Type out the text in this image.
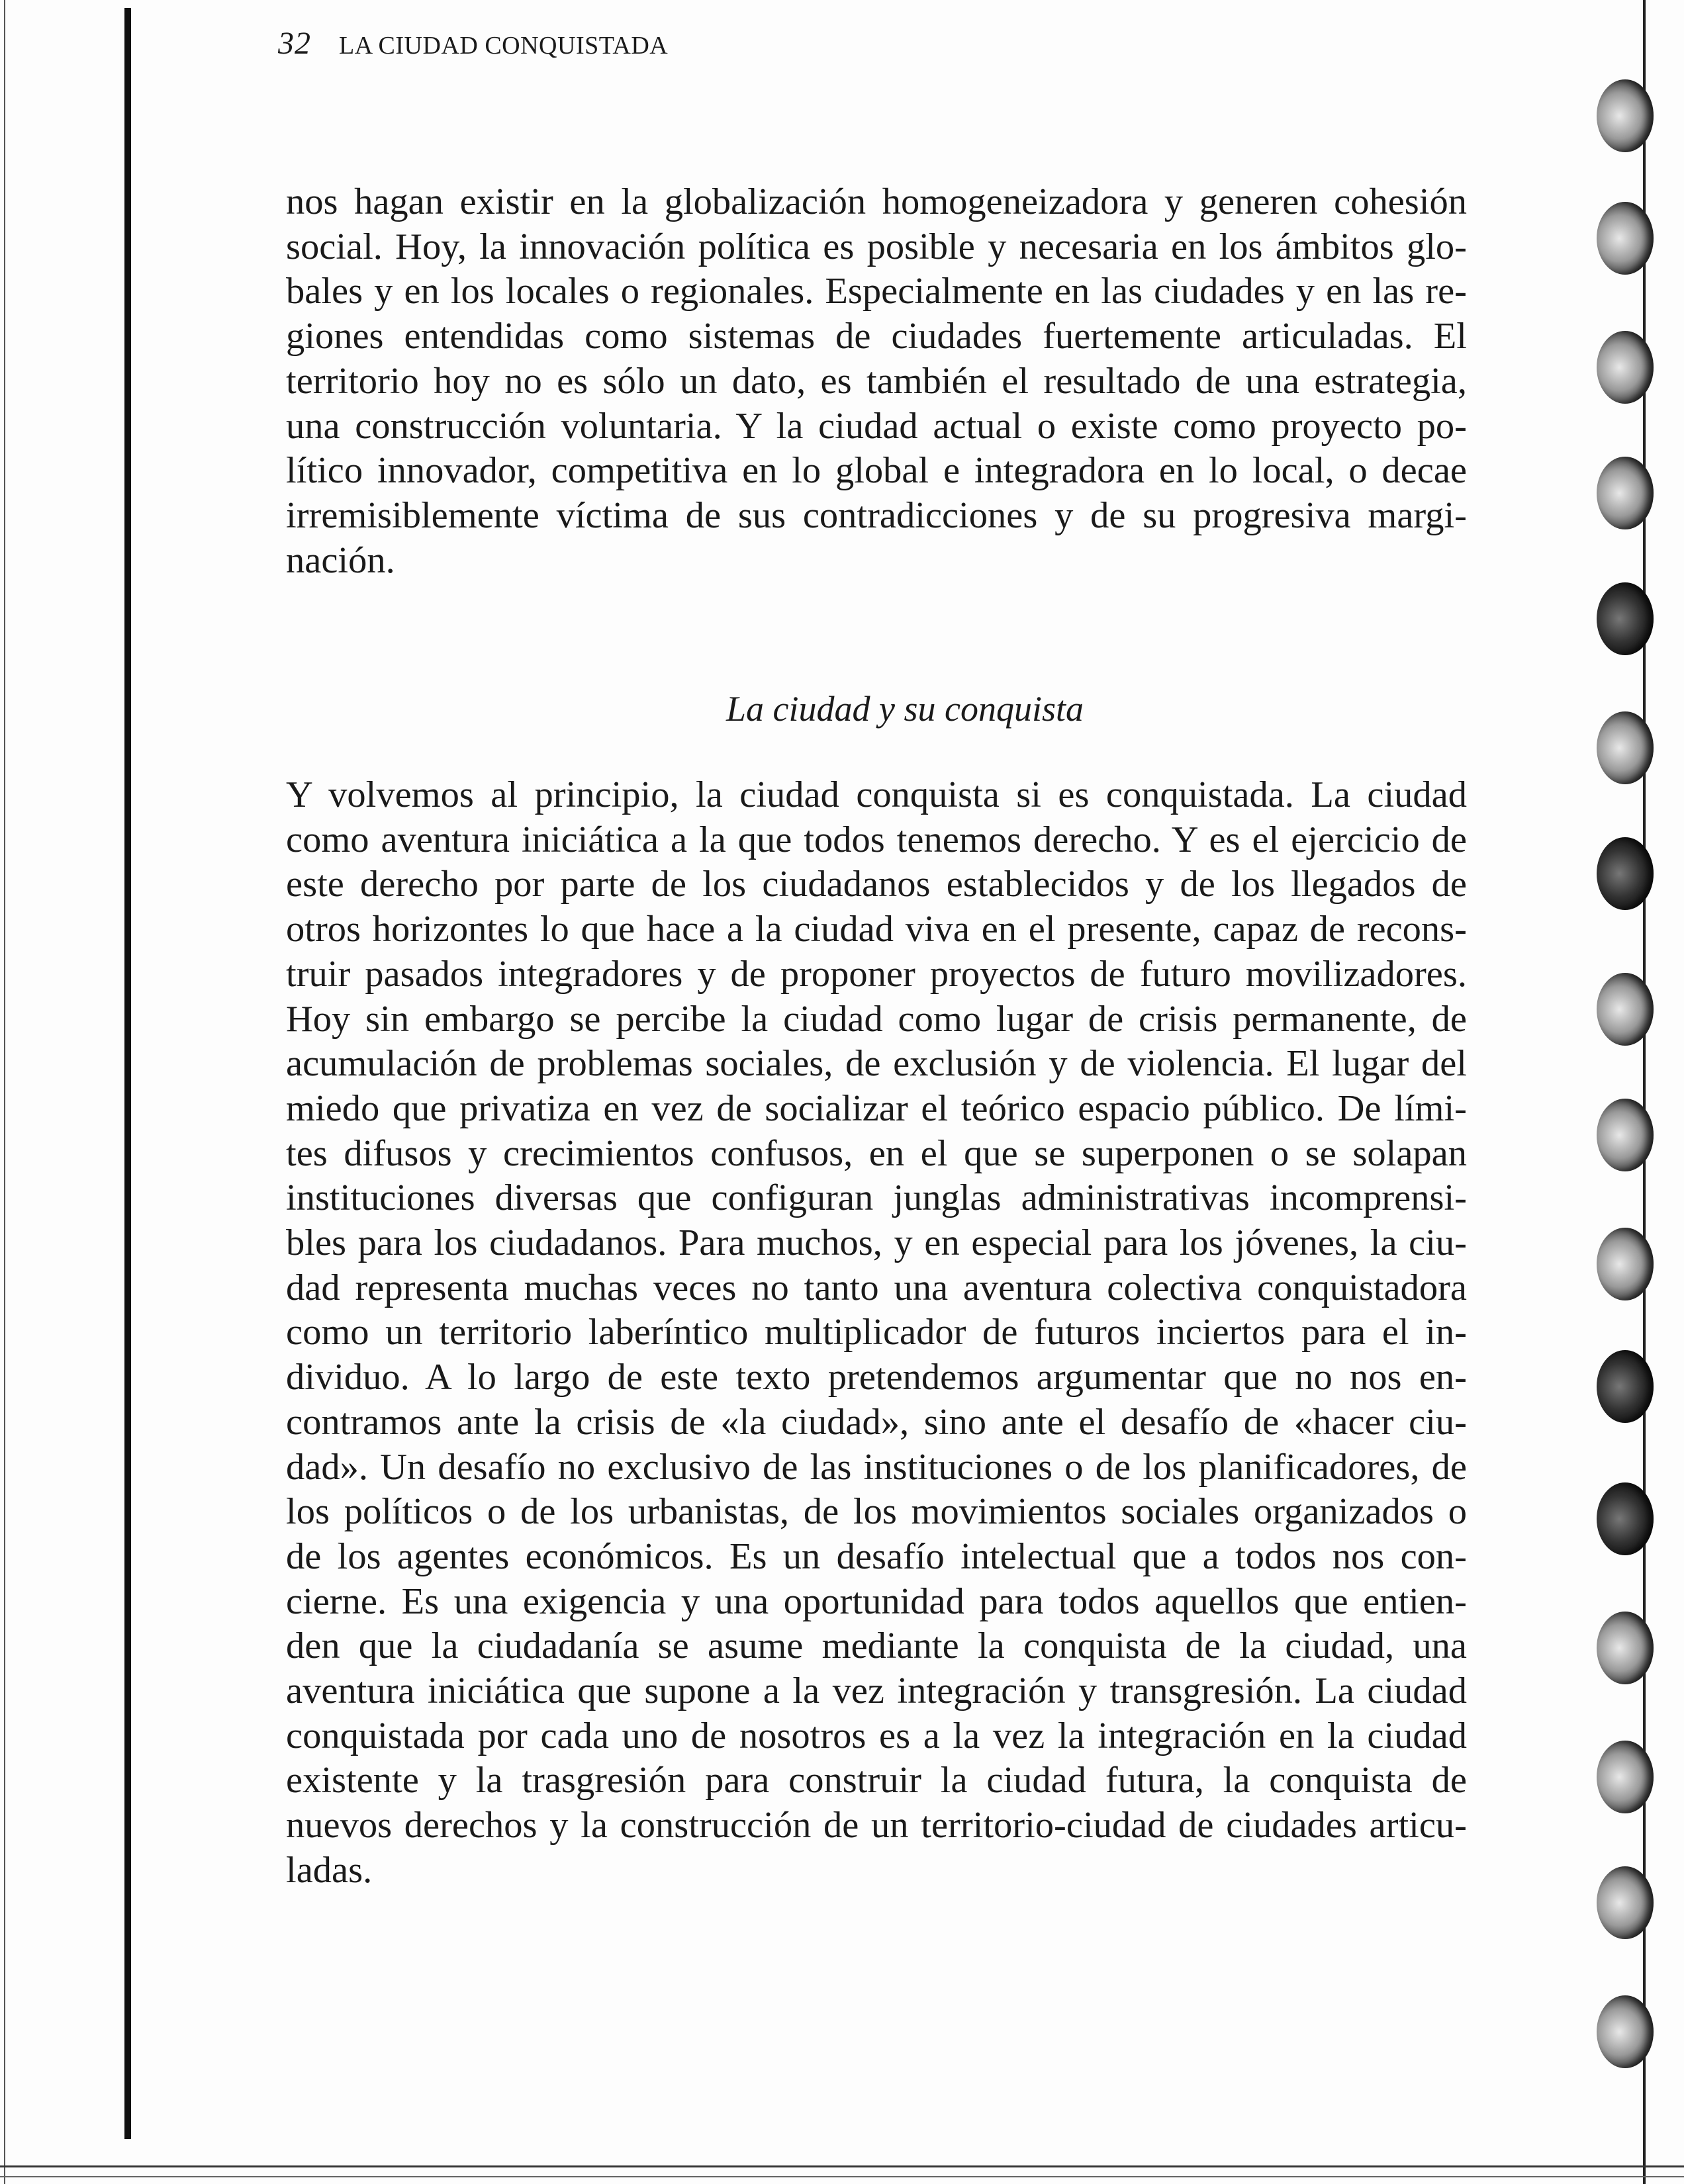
32 LA CIUDAD CONQUISTADA
nos hagan existir en la globalización homogeneizadora y generen cohesión
social. Hoy, la innovación política es posible y necesaria en los ámbitos glo-
bales y en los locales o regionales. Especialmente en las ciudades y en las re-
giones entendidas como sistemas de ciudades fuertemente articuladas. El
territorio hoy no es sólo un dato, es también el resultado de una estrategia,
una construcción voluntaria. Y la ciudad actual o existe como proyecto po-
lítico innovador, competitiva en lo global e integradora en lo local, o decae
irremisiblemente víctima de sus contradicciones y de su progresiva margi-
nación.
La ciudad y su conquista
Y volvemos al principio, la ciudad conquista si es conquistada. La ciudad
como aventura iniciática a la que todos tenemos derecho. Y es el ejercicio de
este derecho por parte de los ciudadanos establecidos y de los llegados de
otros horizontes lo que hace a la ciudad viva en el presente, capaz de recons-
truir pasados integradores y de proponer proyectos de futuro movilizadores.
Hoy sin embargo se percibe la ciudad como lugar de crisis permanente, de
acumulación de problemas sociales, de exclusión y de violencia. El lugar del
miedo que privatiza en vez de socializar el teórico espacio público. De lími-
tes difusos y crecimientos confusos, en el que se superponen o se solapan
instituciones diversas que configuran junglas administrativas incomprensi-
bles para los ciudadanos. Para muchos, y en especial para los jóvenes, la ciu-
dad representa muchas veces no tanto una aventura colectiva conquistadora
como un territorio laberíntico multiplicador de futuros inciertos para el in-
dividuo. A lo largo de este texto pretendemos argumentar que no nos en-
contramos ante la crisis de «la ciudad», sino ante el desafío de «hacer ciu-
dad». Un desafío no exclusivo de las instituciones o de los planificadores, de
los políticos o de los urbanistas, de los movimientos sociales organizados o
de los agentes económicos. Es un desafío intelectual que a todos nos con-
cierne. Es una exigencia y una oportunidad para todos aquellos que entien-
den que la ciudadanía se asume mediante la conquista de la ciudad, una
aventura iniciática que supone a la vez integración y transgresión. La ciudad
conquistada por cada uno de nosotros es a la vez la integración en la ciudad
existente y la trasgresión para construir la ciudad futura, la conquista de
nuevos derechos y la construcción de un territorio-ciudad de ciudades articu-
ladas.
